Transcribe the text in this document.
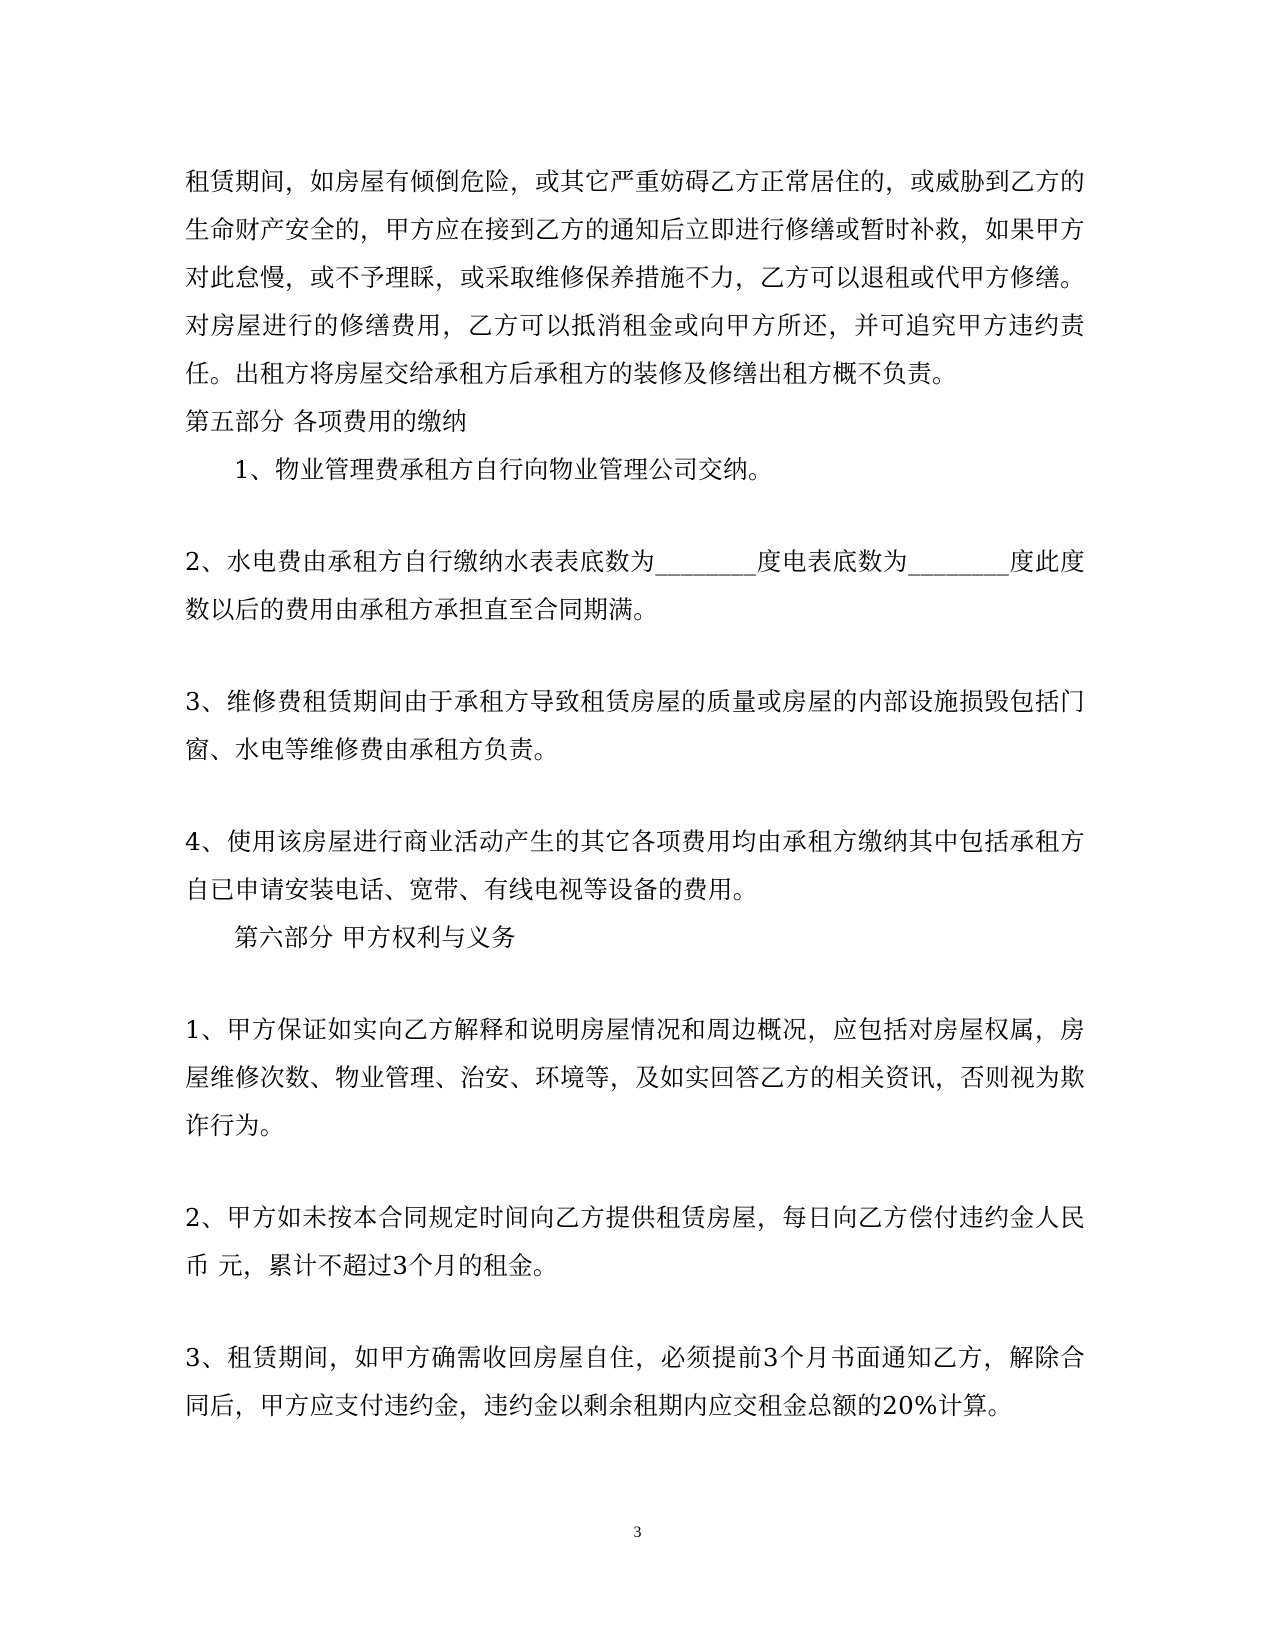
租赁期间，如房屋有倾倒危险，或其它严重妨碍乙方正常居住的，或威胁到乙方的生命财产安全的，甲方应在接到乙方的通知后立即进行修缮或暂时补救，如果甲方对此怠慢，或不予理睬，或采取维修保养措施不力，乙方可以退租或代甲方修缮。对房屋进行的修缮费用，乙方可以抵消租金或向甲方所还，并可追究甲方违约责任。出租方将房屋交给承租方后承租方的装修及修缮出租方概不负责。

第五部分 各项费用的缴纳

1、物业管理费承租方自行向物业管理公司交纳。

2、水电费由承租方自行缴纳水表表底数为________度电表底数为________度此度数以后的费用由承租方承担直至合同期满。

3、维修费租赁期间由于承租方导致租赁房屋的质量或房屋的内部设施损毁包括门窗、水电等维修费由承租方负责。

4、使用该房屋进行商业活动产生的其它各项费用均由承租方缴纳其中包括承租方自已申请安装电话、宽带、有线电视等设备的费用。

第六部分 甲方权利与义务

1、甲方保证如实向乙方解释和说明房屋情况和周边概况，应包括对房屋权属，房屋维修次数、物业管理、治安、环境等，及如实回答乙方的相关资讯，否则视为欺诈行为。

2、甲方如未按本合同规定时间向乙方提供租赁房屋，每日向乙方偿付违约金人民币 元，累计不超过3个月的租金。

3、租赁期间，如甲方确需收回房屋自住，必须提前3个月书面通知乙方，解除合同后，甲方应支付违约金，违约金以剩余租期内应交租金总额的20%计算。

3
